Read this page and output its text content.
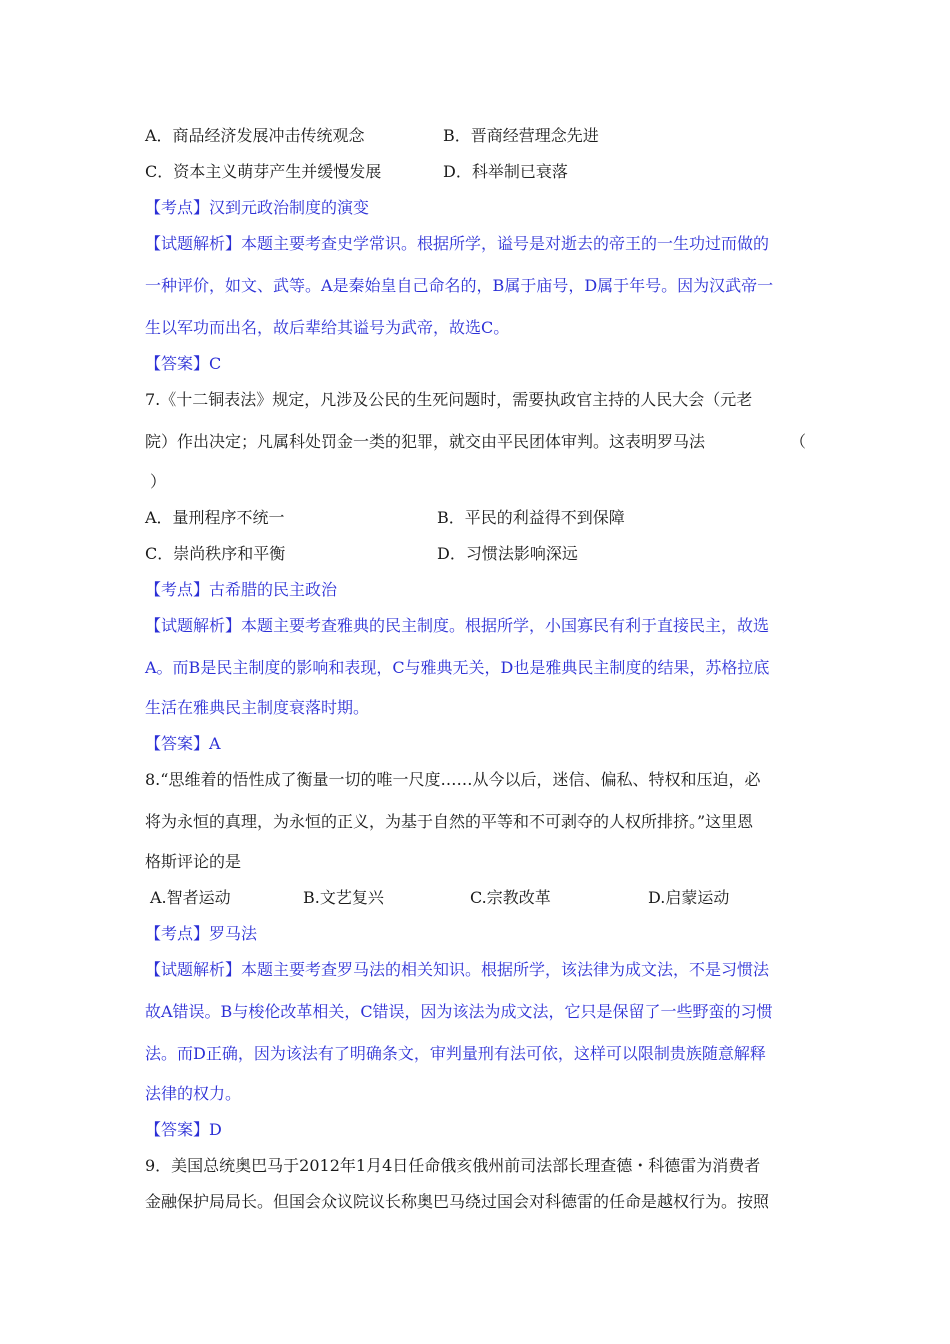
A．商品经济发展冲击传统观念	B．晋商经营理念先进
C．资本主义萌芽产生并缓慢发展	D．科举制已衰落
【考点】汉到元政治制度的演变
【试题解析】本题主要考查史学常识。根据所学，谥号是对逝去的帝王的一生功过而做的
一种评价，如文、武等。A是秦始皇自己命名的，B属于庙号，D属于年号。因为汉武帝一
生以军功而出名，故后辈给其谥号为武帝，故选C。
【答案】C
7.《十二铜表法》规定，凡涉及公民的生死问题时，需要执政官主持的人民大会（元老
院）作出决定；凡属科处罚金一类的犯罪，就交由平民团体审判。这表明罗马法	（
）
A．量刑程序不统一	B．平民的利益得不到保障
C．崇尚秩序和平衡	D．习惯法影响深远
【考点】古希腊的民主政治
【试题解析】本题主要考查雅典的民主制度。根据所学，小国寡民有利于直接民主，故选
A。而B是民主制度的影响和表现，C与雅典无关，D也是雅典民主制度的结果，苏格拉底
生活在雅典民主制度衰落时期。
【答案】A
8.“思维着的悟性成了衡量一切的唯一尺度……从今以后，迷信、偏私、特权和压迫，必
将为永恒的真理，为永恒的正义，为基于自然的平等和不可剥夺的人权所排挤。”这里恩
格斯评论的是
A.智者运动	B.文艺复兴	C.宗教改革	D.启蒙运动
【考点】罗马法
【试题解析】本题主要考查罗马法的相关知识。根据所学，该法律为成文法，不是习惯法
故A错误。B与梭伦改革相关，C错误，因为该法为成文法，它只是保留了一些野蛮的习惯
法。而D正确，因为该法有了明确条文，审判量刑有法可依，这样可以限制贵族随意解释
法律的权力。
【答案】D
9．美国总统奥巴马于2012年1月4日任命俄亥俄州前司法部长理查德・科德雷为消费者
金融保护局局长。但国会众议院议长称奥巴马绕过国会对科德雷的任命是越权行为。按照
